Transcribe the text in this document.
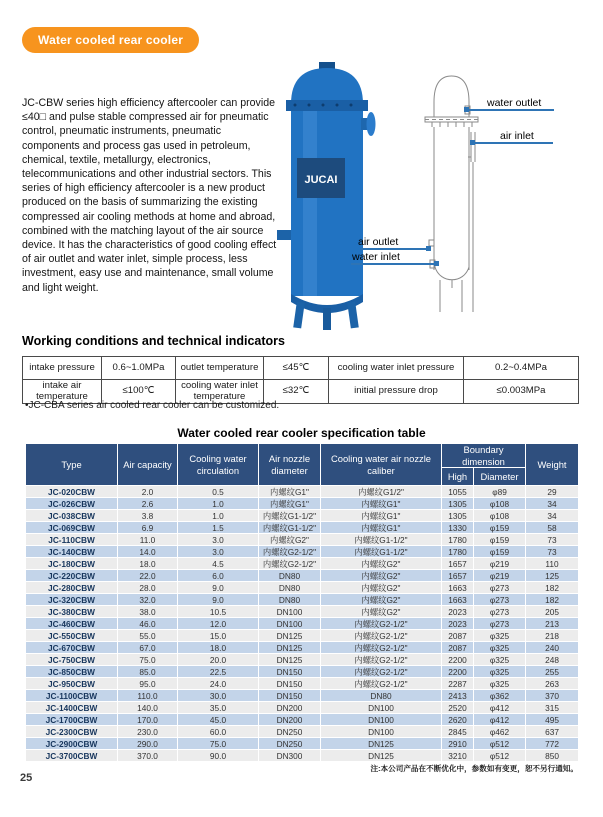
Water cooled rear cooler
JC-CBW series high efficiency aftercooler can provide ≤40□ and pulse stable compressed air for pneumatic control, pneumatic instruments, pneumatic components and process gas used in petroleum, chemical, textile, metallurgy, electronics, telecommunications and other industrial sectors. This series of high efficiency aftercooler is a new product produced on the basis of summarizing the existing compressed air cooling methods at home and abroad, combined with the matching layout of the air source device. It has the characteristics of good cooling effect of air outlet and water inlet, simple process, less investment, easy use and maintenance, small volume and light weight.
JUCAI
water outlet
air inlet
air outlet
water inlet
Working conditions and technical indicators
intake pressure	0.6~1.0MPa	outlet temperature	≤45℃	cooling water inlet pressure	0.2~0.4MPa
intake air temperature	≤100℃	cooling water inlet temperature	≤32℃	initial pressure drop	≤0.003MPa
•JC-CBA series air cooled rear cooler can be customized.
Water cooled rear cooler specification table
Type	Air capacity	Cooling water circulation	Air nozzle diameter	Cooling water air nozzle caliber	Boundary dimension		Weight
					High	Diameter	
JC-020CBW	2.0	0.5	内螺纹G1"	内螺纹G1/2"	1055	φ89	29
JC-026CBW	2.6	1.0	内螺纹G1"	内螺纹G1"	1305	φ108	34
JC-038CBW	3.8	1.0	内螺纹G1-1/2"	内螺纹G1"	1305	φ108	34
JC-069CBW	6.9	1.5	内螺纹G1-1/2"	内螺纹G1"	1330	φ159	58
JC-110CBW	11.0	3.0	内螺纹G2"	内螺纹G1-1/2"	1780	φ159	73
JC-140CBW	14.0	3.0	内螺纹G2-1/2"	内螺纹G1-1/2"	1780	φ159	73
JC-180CBW	18.0	4.5	内螺纹G2-1/2"	内螺纹G2"	1657	φ219	110
JC-220CBW	22.0	6.0	DN80	内螺纹G2"	1657	φ219	125
JC-280CBW	28.0	9.0	DN80	内螺纹G2"	1663	φ273	182
JC-320CBW	32.0	9.0	DN80	内螺纹G2"	1663	φ273	182
JC-380CBW	38.0	10.5	DN100	内螺纹G2"	2023	φ273	205
JC-460CBW	46.0	12.0	DN100	内螺纹G2-1/2"	2023	φ273	213
JC-550CBW	55.0	15.0	DN125	内螺纹G2-1/2"	2087	φ325	218
JC-670CBW	67.0	18.0	DN125	内螺纹G2-1/2"	2087	φ325	240
JC-750CBW	75.0	20.0	DN125	内螺纹G2-1/2"	2200	φ325	248
JC-850CBW	85.0	22.5	DN150	内螺纹G2-1/2"	2200	φ325	255
JC-950CBW	95.0	24.0	DN150	内螺纹G2-1/2"	2287	φ325	263
JC-1100CBW	110.0	30.0	DN150	DN80	2413	φ362	370
JC-1400CBW	140.0	35.0	DN200	DN100	2520	φ412	315
JC-1700CBW	170.0	45.0	DN200	DN100	2620	φ412	495
JC-2300CBW	230.0	60.0	DN250	DN100	2845	φ462	637
JC-2900CBW	290.0	75.0	DN250	DN125	2910	φ512	772
JC-3700CBW	370.0	90.0	DN300	DN125	3210	φ512	850
注:本公司产品在不断优化中，参数如有变更，恕不另行通知。
25
